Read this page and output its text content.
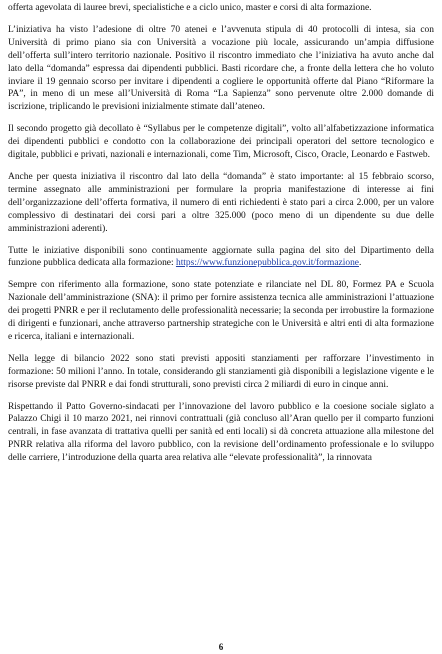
offerta agevolata di lauree brevi, specialistiche e a ciclo unico, master e corsi di alta formazione.

L’iniziativa ha visto l’adesione di oltre 70 atenei e l’avvenuta stipula di 40 protocolli di intesa, sia con Università di primo piano sia con Università a vocazione più locale, assicurando un’ampia diffusione dell’offerta sull’intero territorio nazionale. Positivo il riscontro immediato che l’iniziativa ha avuto anche dal lato della “domanda” espressa dai dipendenti pubblici. Basti ricordare che, a fronte della lettera che ho voluto inviare il 19 gennaio scorso per invitare i dipendenti a cogliere le opportunità offerte dal Piano “Riformare la PA”, in meno di un mese all’Università di Roma “La Sapienza” sono pervenute oltre 2.000 domande di iscrizione, triplicando le previsioni inizialmente stimate dall’ateneo.

Il secondo progetto già decollato è “Syllabus per le competenze digitali”, volto all’alfabetizzazione informatica dei dipendenti pubblici e condotto con la collaborazione dei principali operatori del settore tecnologico e digitale, pubblici e privati, nazionali e internazionali, come Tim, Microsoft, Cisco, Oracle, Leonardo e Fastweb.

Anche per questa iniziativa il riscontro dal lato della “domanda” è stato importante: al 15 febbraio scorso, termine assegnato alle amministrazioni per formulare la propria manifestazione di interesse ai fini dell’organizzazione dell’offerta formativa, il numero di enti richiedenti è stato pari a circa 2.000, per un valore complessivo di destinatari dei corsi pari a oltre 325.000 (poco meno di un dipendente su due delle amministrazioni aderenti).

Tutte le iniziative disponibili sono continuamente aggiornate sulla pagina del sito del Dipartimento della funzione pubblica dedicata alla formazione: https://www.funzionepubblica.gov.it/formazione.

Sempre con riferimento alla formazione, sono state potenziate e rilanciate nel DL 80, Formez PA e Scuola Nazionale dell’amministrazione (SNA): il primo per fornire assistenza tecnica alle amministrazioni l’attuazione dei progetti PNRR e per il reclutamento delle professionalità necessarie; la seconda per irrobustire la formazione di dirigenti e funzionari, anche attraverso partnership strategiche con le Università e altri enti di alta formazione e ricerca, italiani e internazionali.

Nella legge di bilancio 2022 sono stati previsti appositi stanziamenti per rafforzare l’investimento in formazione: 50 milioni l’anno. In totale, considerando gli stanziamenti già disponibili a legislazione vigente e le risorse previste dal PNRR e dai fondi strutturali, sono previsti circa 2 miliardi di euro in cinque anni.

Rispettando il Patto Governo-sindacati per l’innovazione del lavoro pubblico e la coesione sociale siglato a Palazzo Chigi il 10 marzo 2021, nei rinnovi contrattuali (già concluso all’Aran quello per il comparto funzioni centrali, in fase avanzata di trattativa quelli per sanità ed enti locali) si dà concreta attuazione alla milestone del PNRR relativa alla riforma del lavoro pubblico, con la revisione dell’ordinamento professionale e lo sviluppo delle carriere, l’introduzione della quarta area relativa alle “elevate professionalità”, la rinnovata

6
